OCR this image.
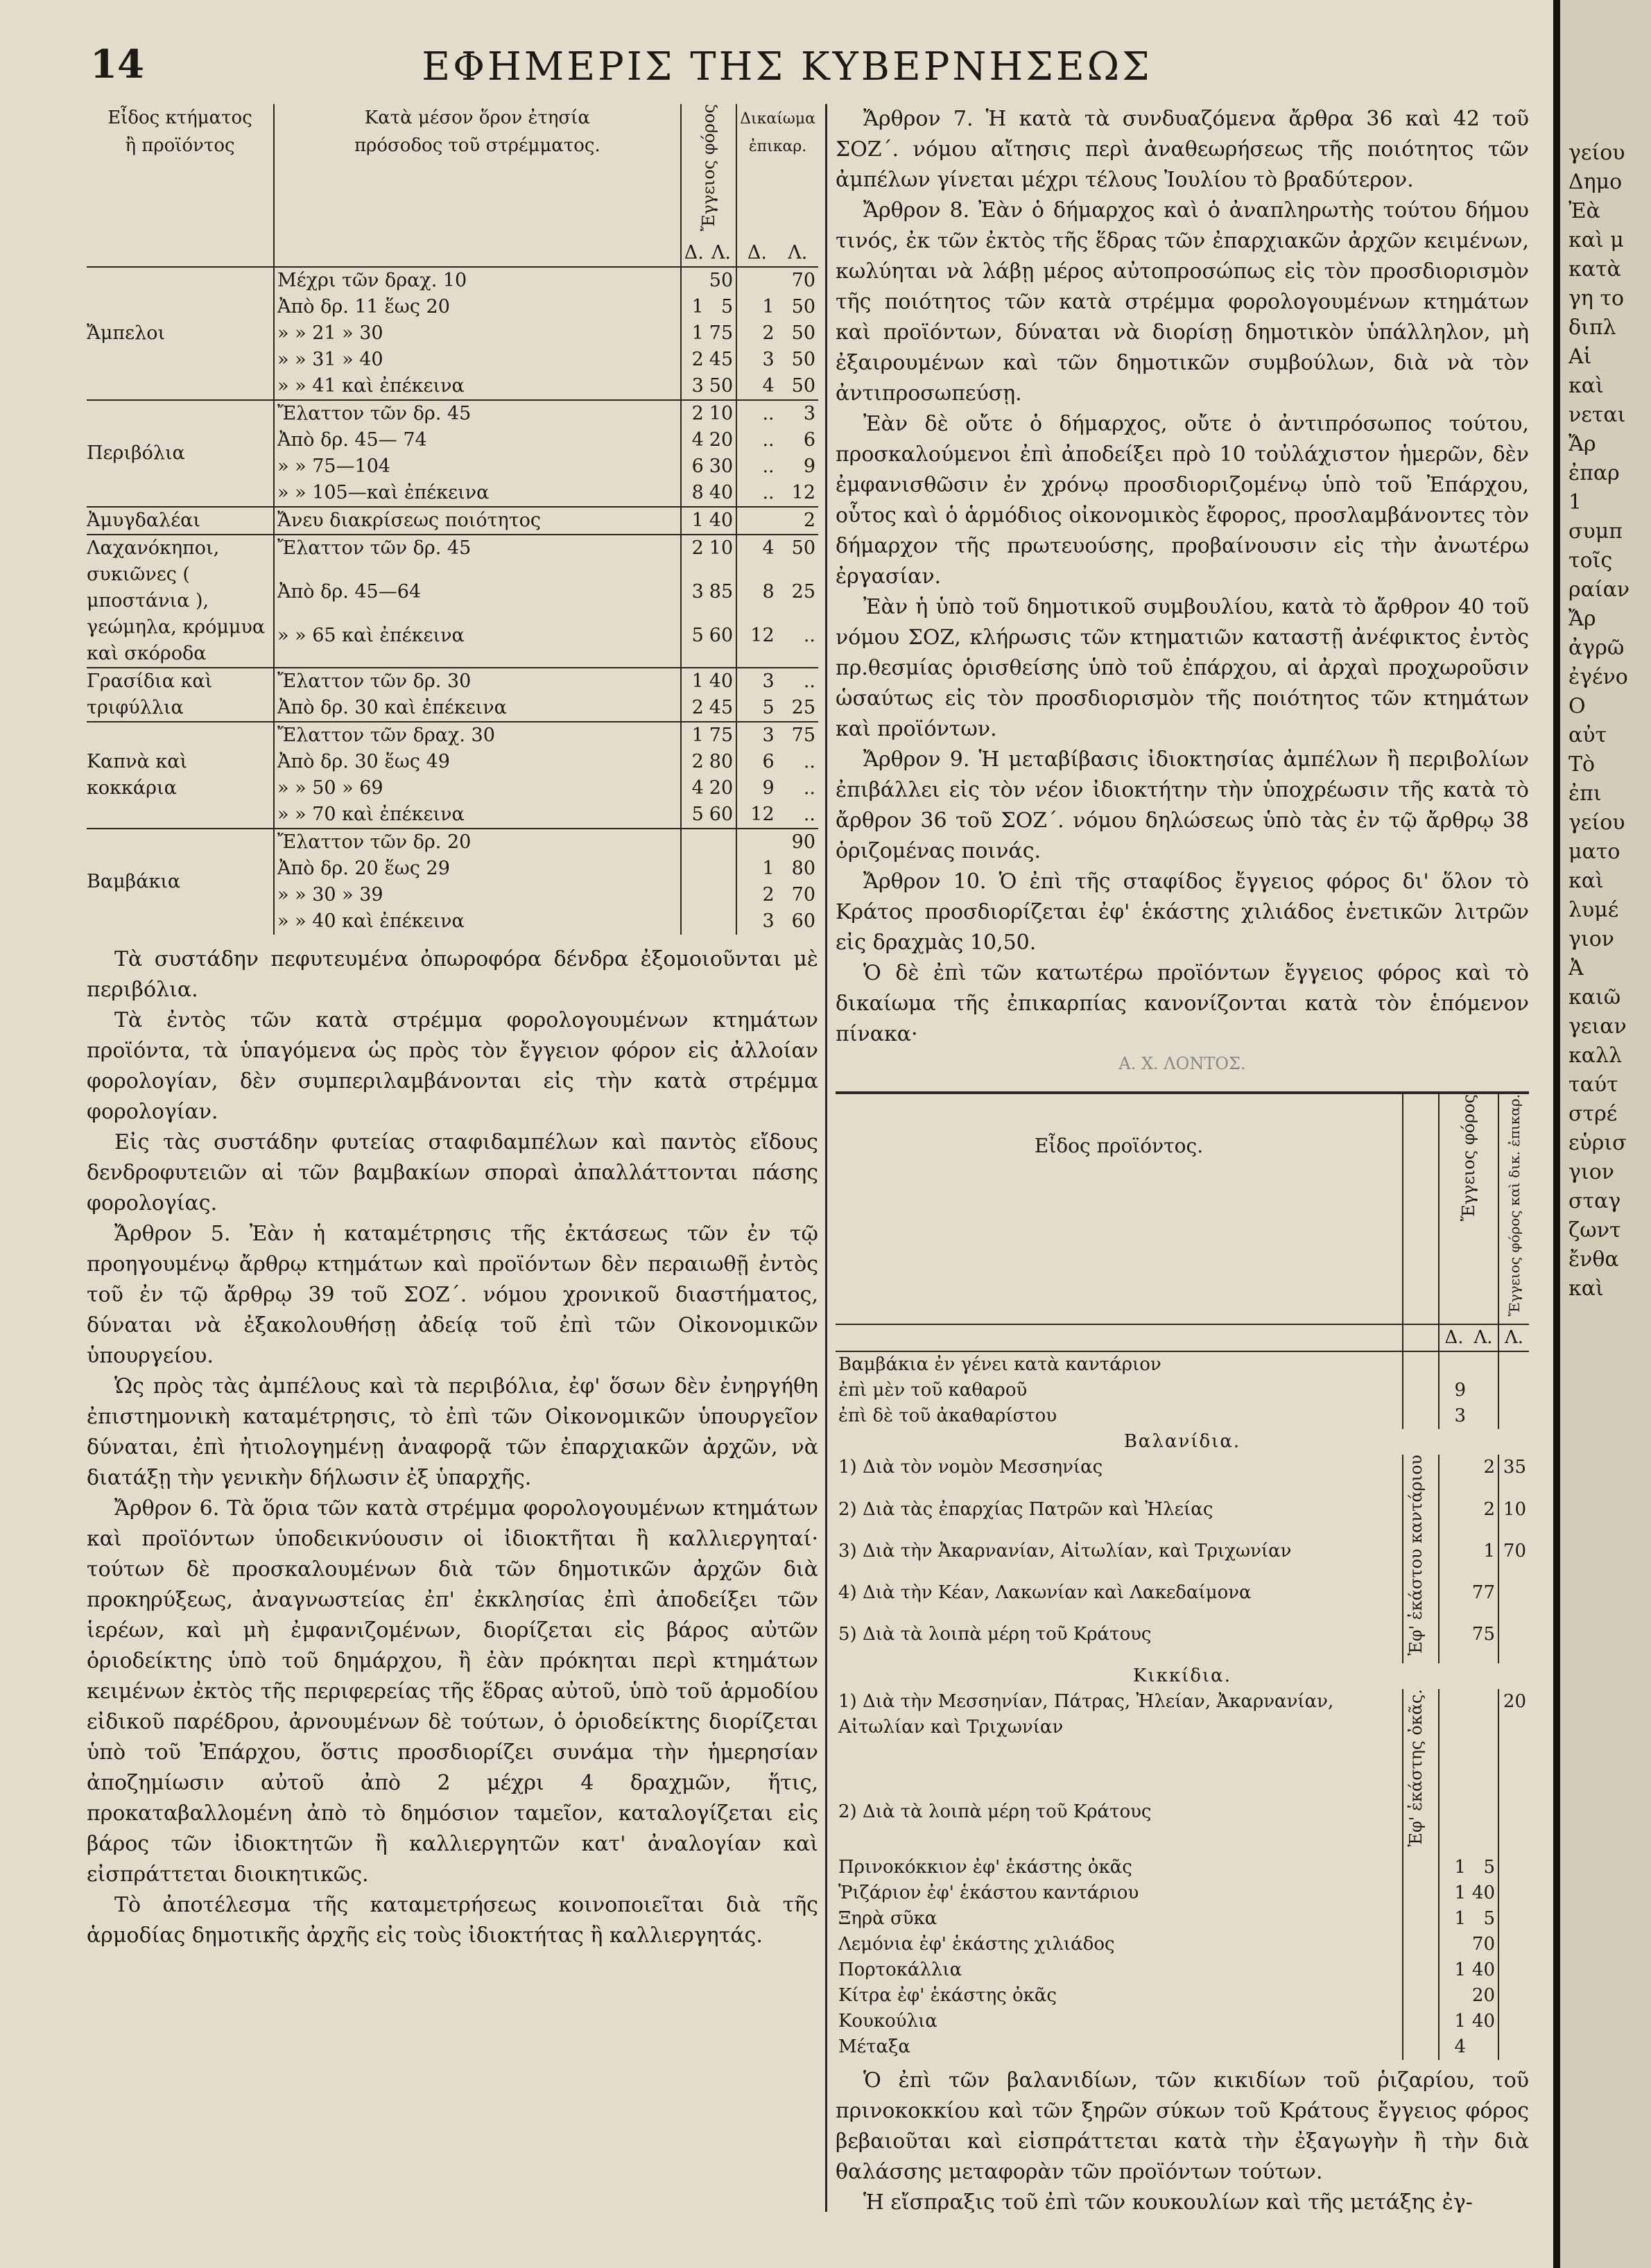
14	ΕΦΗΜΕΡΙΣ ΤΗΣ ΚΥΒΕΡΝΗΣΕΩΣ
Εἶδος κτήματος
ἢ προϊόντος	Κατὰ μέσον ὅρον ἐτησία
πρόσοδος τοῦ στρέμματος.	Ἔγγειος φόρος		Δικαίωμα ἐπικαρ.	
		Δ.	Λ.	Δ.	Λ.
Ἄμπελοι	Μέχρι τῶν δραχ. 10		50		70
	Ἀπὸ δρ. 11 ἕως 20	1	5	1	50
	» » 21 » 30	1	75	2	50
	» » 31 » 40	2	45	3	50
	» » 41 καὶ ἐπέκεινα	3	50	4	50
Περιβόλια	Ἔλαττον τῶν δρ. 45	2	10	..	3
	Ἀπὸ δρ. 45— 74	4	20	..	6
	» » 75—104	6	30	..	9
	» » 105—καὶ ἐπέκεινα	8	40	..	12
Ἀμυγδαλέαι	Ἄνευ διακρίσεως ποιότητος	1	40		2
Λαχανόκηποι, συκιῶνες ( μποστάνια ), γεώμηλα, κρόμμυα καὶ σκόροδα	Ἔλαττον τῶν δρ. 45	2	10	4	50
	Ἀπὸ δρ. 45—64	3	85	8	25
	» » 65 καὶ ἐπέκεινα	5	60	12	..
Γρασίδια καὶ τριφύλλια	Ἔλαττον τῶν δρ. 30	1	40	3	..
	Ἀπὸ δρ. 30 καὶ ἐπέκεινα	2	45	5	25
Καπνὰ καὶ κοκκάρια	Ἔλαττον τῶν δραχ. 30	1	75	3	75
	Ἀπὸ δρ. 30 ἕως 49	2	80	6	..
	» » 50 » 69	4	20	9	..
	» » 70 καὶ ἐπέκεινα	5	60	12	..
Βαμβάκια	Ἔλαττον τῶν δρ. 20				90
	Ἀπὸ δρ. 20 ἕως 29			1	80
	» » 30 » 39			2	70
	» » 40 καὶ ἐπέκεινα			3	60

Τὰ συστάδην πεφυτευμένα ὀπωροφόρα δένδρα ἐξομοιοῦνται μὲ περιβόλια.

Τὰ ἐντὸς τῶν κατὰ στρέμμα φορολογουμένων κτημάτων προϊόντα, τὰ ὑπαγόμενα ὡς πρὸς τὸν ἔγγειον φόρον εἰς ἀλλοίαν φορολογίαν, δὲν συμπεριλαμβάνονται εἰς τὴν κατὰ στρέμμα φορολογίαν.

Εἰς τὰς συστάδην φυτείας σταφιδαμπέλων καὶ παντὸς εἴδους δενδροφυτειῶν αἱ τῶν βαμβακίων σποραὶ ἀπαλλάττονται πάσης φορολογίας.

Ἄρθρον 5. Ἐὰν ἡ καταμέτρησις τῆς ἐκτάσεως τῶν ἐν τῷ προηγουμένῳ ἄρθρῳ κτημάτων καὶ προϊόντων δὲν περαιωθῇ ἐντὸς τοῦ ἐν τῷ ἄρθρῳ 39 τοῦ ΣΟΖ΄. νόμου χρονικοῦ διαστήματος, δύναται νὰ ἐξακολουθήσῃ ἀδείᾳ τοῦ ἐπὶ τῶν Οἰκονομικῶν ὑπουργείου.

Ὡς πρὸς τὰς ἀμπέλους καὶ τὰ περιβόλια, ἐφ' ὅσων δὲν ἐνηργήθη ἐπιστημονικὴ καταμέτρησις, τὸ ἐπὶ τῶν Οἰκονομικῶν ὑπουργεῖον δύναται, ἐπὶ ἠτιολογημένῃ ἀναφορᾷ τῶν ἐπαρχιακῶν ἀρχῶν, νὰ διατάξῃ τὴν γενικὴν δήλωσιν ἐξ ὑπαρχῆς.

Ἄρθρον 6. Τὰ ὅρια τῶν κατὰ στρέμμα φορολογουμένων κτημάτων καὶ προϊόντων ὑποδεικνύουσιν οἱ ἰδιοκτῆται ἢ καλλιεργηταί· τούτων δὲ προσκαλουμένων διὰ τῶν δημοτικῶν ἀρχῶν διὰ προκηρύξεως, ἀναγνωστείας ἐπ' ἐκκλησίας ἐπὶ ἀποδείξει τῶν ἱερέων, καὶ μὴ ἐμφανιζομένων, διορίζεται εἰς βάρος αὐτῶν ὁριοδείκτης ὑπὸ τοῦ δημάρχου, ἢ ἐὰν πρόκηται περὶ κτημάτων κειμένων ἐκτὸς τῆς περιφερείας τῆς ἕδρας αὐτοῦ, ὑπὸ τοῦ ἁρμοδίου εἰδικοῦ παρέδρου, ἀρνουμένων δὲ τούτων, ὁ ὁριοδείκτης διορίζεται ὑπὸ τοῦ Ἐπάρχου, ὅστις προσδιορίζει συνάμα τὴν ἡμερησίαν ἀποζημίωσιν αὐτοῦ ἀπὸ 2 μέχρι 4 δραχμῶν, ἥτις, προκαταβαλλομένη ἀπὸ τὸ δημόσιον ταμεῖον, καταλογίζεται εἰς βάρος τῶν ἰδιοκτητῶν ἢ καλλιεργητῶν κατ' ἀναλογίαν καὶ εἰσπράττεται διοικητικῶς.

Τὸ ἀποτέλεσμα τῆς καταμετρήσεως κοινοποιεῖται διὰ τῆς ἁρμοδίας δημοτικῆς ἀρχῆς εἰς τοὺς ἰδιοκτήτας ἢ καλλιεργητάς.

Ἄρθρον 7. Ἡ κατὰ τὰ συνδυαζόμενα ἄρθρα 36 καὶ 42 τοῦ ΣΟΖ΄. νόμου αἴτησις περὶ ἀναθεωρήσεως τῆς ποιότητος τῶν ἀμπέλων γίνεται μέχρι τέλους Ἰουλίου τὸ βραδύτερον.

Ἄρθρον 8. Ἐὰν ὁ δήμαρχος καὶ ὁ ἀναπληρωτὴς τούτου δήμου τινός, ἐκ τῶν ἐκτὸς τῆς ἕδρας τῶν ἐπαρχιακῶν ἀρχῶν κειμένων, κωλύηται νὰ λάβῃ μέρος αὐτοπροσώπως εἰς τὸν προσδιορισμὸν τῆς ποιότητος τῶν κατὰ στρέμμα φορολογουμένων κτημάτων καὶ προϊόντων, δύναται νὰ διορίσῃ δημοτικὸν ὑπάλληλον, μὴ ἐξαιρουμένων καὶ τῶν δημοτικῶν συμβούλων, διὰ νὰ τὸν ἀντιπροσωπεύσῃ.

Ἐὰν δὲ οὔτε ὁ δήμαρχος, οὔτε ὁ ἀντιπρόσωπος τούτου, προσκαλούμενοι ἐπὶ ἀποδείξει πρὸ 10 τοὐλάχιστον ἡμερῶν, δὲν ἐμφανισθῶσιν ἐν χρόνῳ προσδιοριζομένῳ ὑπὸ τοῦ Ἐπάρχου, οὗτος καὶ ὁ ἁρμόδιος οἰκονομικὸς ἔφορος, προσλαμβάνοντες τὸν δήμαρχον τῆς πρωτευούσης, προβαίνουσιν εἰς τὴν ἀνωτέρω ἐργασίαν.

Ἐὰν ἡ ὑπὸ τοῦ δημοτικοῦ συμβουλίου, κατὰ τὸ ἄρθρον 40 τοῦ νόμου ΣΟΖ, κλήρωσις τῶν κτηματιῶν καταστῇ ἀνέφικτος ἐντὸς πρ.θεσμίας ὁρισθείσης ὑπὸ τοῦ ἐπάρχου, αἱ ἀρχαὶ προχωροῦσιν ὡσαύτως εἰς τὸν προσδιορισμὸν τῆς ποιότητος τῶν κτημάτων καὶ προϊόντων.

Ἄρθρον 9. Ἡ μεταβίβασις ἰδιοκτησίας ἀμπέλων ἢ περιβολίων ἐπιβάλλει εἰς τὸν νέον ἰδιοκτήτην τὴν ὑποχρέωσιν τῆς κατὰ τὸ ἄρθρον 36 τοῦ ΣΟΖ΄. νόμου δηλώσεως ὑπὸ τὰς ἐν τῷ ἄρθρῳ 38 ὁριζομένας ποινάς.

Ἄρθρον 10. Ὁ ἐπὶ τῆς σταφίδος ἔγγειος φόρος δι' ὅλον τὸ Κράτος προσδιορίζεται ἐφ' ἑκάστης χιλιάδος ἑνετικῶν λιτρῶν εἰς δραχμὰς 10,50.

Ὁ δὲ ἐπὶ τῶν κατωτέρω προϊόντων ἔγγειος φόρος καὶ τὸ δικαίωμα τῆς ἐπικαρπίας κανονίζονται κατὰ τὸν ἑπόμενον πίνακα·

Α. Χ. ΛΟΝΤΟΣ.
Εἶδος προϊόντος.		Ἔγγειος φόρος		Ἔγγειος φόρος καὶ δικ. ἐπικαρ.
		Δ.	Λ.	Λ.
Βαμβάκια ἐν γένει κατὰ καντάριον				
ἐπὶ μὲν τοῦ καθαροῦ		9		
ἐπὶ δὲ τοῦ ἀκαθαρίστου		3		
Βαλανίδια.				
1) Διὰ τὸν νομὸν Μεσσηνίας	Ἐφ' ἑκάστου καντάριου		2	35
2) Διὰ τὰς ἐπαρχίας Πατρῶν καὶ Ἠλείας			2	10
3) Διὰ τὴν Ἀκαρνανίαν, Αἰτωλίαν, καὶ Τριχωνίαν			1	70
4) Διὰ τὴν Κέαν, Λακωνίαν καὶ Λακεδαίμονα			77	
5) Διὰ τὰ λοιπὰ μέρη τοῦ Κράτους			75	
Κικκίδια.				
1) Διὰ τὴν Μεσσηνίαν, Πάτρας, Ἠλείαν, Ἀκαρνανίαν, Αἰτωλίαν καὶ Τριχωνίαν	Ἐφ' ἑκάστης ὀκᾶς.			20
2) Διὰ τὰ λοιπὰ μέρη τοῦ Κράτους				
Πρινοκόκκιον ἐφ' ἑκάστης ὀκᾶς		1	5	
Ῥιζάριον ἐφ' ἑκάστου καντάριου		1	40	
Ξηρὰ σῦκα		1	5	
Λεμόνια ἐφ' ἑκάστης χιλιάδος			70	
Πορτοκάλλια		1	40	
Κίτρα ἐφ' ἑκάστης ὀκᾶς			20	
Κουκούλια		1	40	
Μέταξα		4		

Ὁ ἐπὶ τῶν βαλανιδίων, τῶν κικιδίων τοῦ ῥιζαρίου, τοῦ πρινοκοκκίου καὶ τῶν ξηρῶν σύκων τοῦ Κράτους ἔγγειος φόρος βεβαιοῦται καὶ εἰσπράττεται κατὰ τὴν ἐξαγωγὴν ἢ τὴν διὰ θαλάσσης μεταφορὰν τῶν προϊόντων τούτων.

Ἡ εἴσπραξις τοῦ ἐπὶ τῶν κουκουλίων καὶ τῆς μετάξης ἐγ-

γείου
Δημο
Ἐὰ
καὶ μ
κατὰ
γη το
διπλ
Αἱ
καὶ
νεται
Ἄρ
ἐπαρ
1
συμπ
τοῖς
ραίαν
Ἄρ
ἀγρῶ
ἐγένο
Ο
αὐτ
Τὸ
ἐπι
γείου
ματο
καὶ
λυμέ
γιον
Ἀ
καιῶ
γειαν
καλλ
ταύτ
στρέ
εὑρισ
γιον
σταγ
ζωντ
ἔνθα
καὶ
